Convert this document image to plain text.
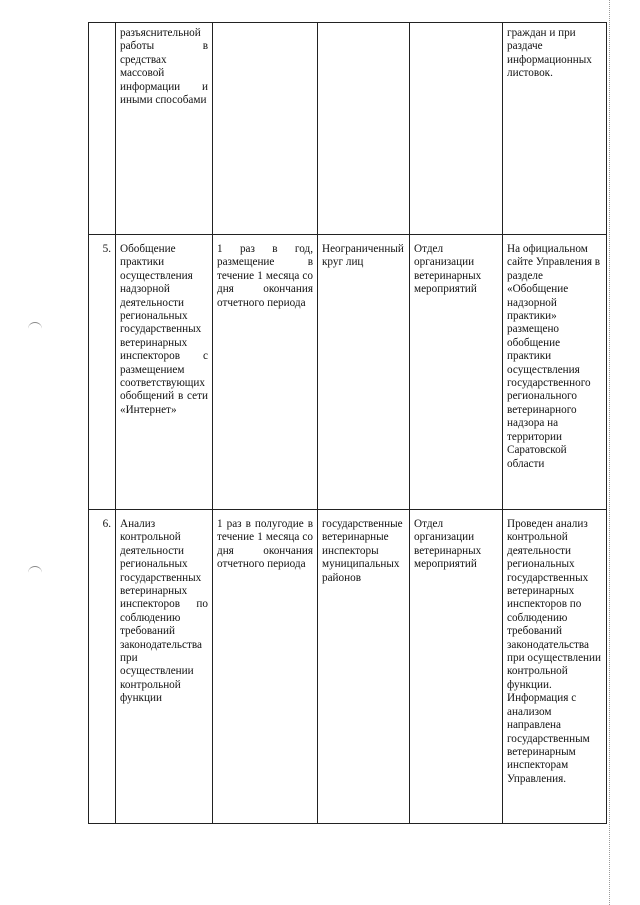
	разъяснительной работы в средствах массовой информации и иными способами				граждан и при раздаче информационных листовок.
5.	Обобщение практики осуществления надзорной деятельности региональных государственных ветеринарных инспекторов с размещением соответствующих обобщений в сети «Интернет»	1 раз в год, размещение в течение 1 месяца со дня окончания отчетного периода	Неограниченный круг лиц	Отдел организации ветеринарных мероприятий	На официальном сайте Управления в разделе «Обобщение надзорной практики» размещено обобщение практики осуществления государственного регионального ветеринарного надзора на территории Саратовской области
6.	Анализ контрольной деятельности региональных государственных ветеринарных инспекторов по соблюдению требований законодательства при осуществлении контрольной функции	1 раз в полугодие в течение 1 месяца со дня окончания отчетного периода	государственные ветеринарные инспекторы муниципальных районов	Отдел организации ветеринарных мероприятий	Проведен анализ контрольной деятельности региональных государственных ветеринарных инспекторов по соблюдению требований законодательства при осуществлении контрольной функции. Информация с анализом направлена государственным ветеринарным инспекторам Управления.
